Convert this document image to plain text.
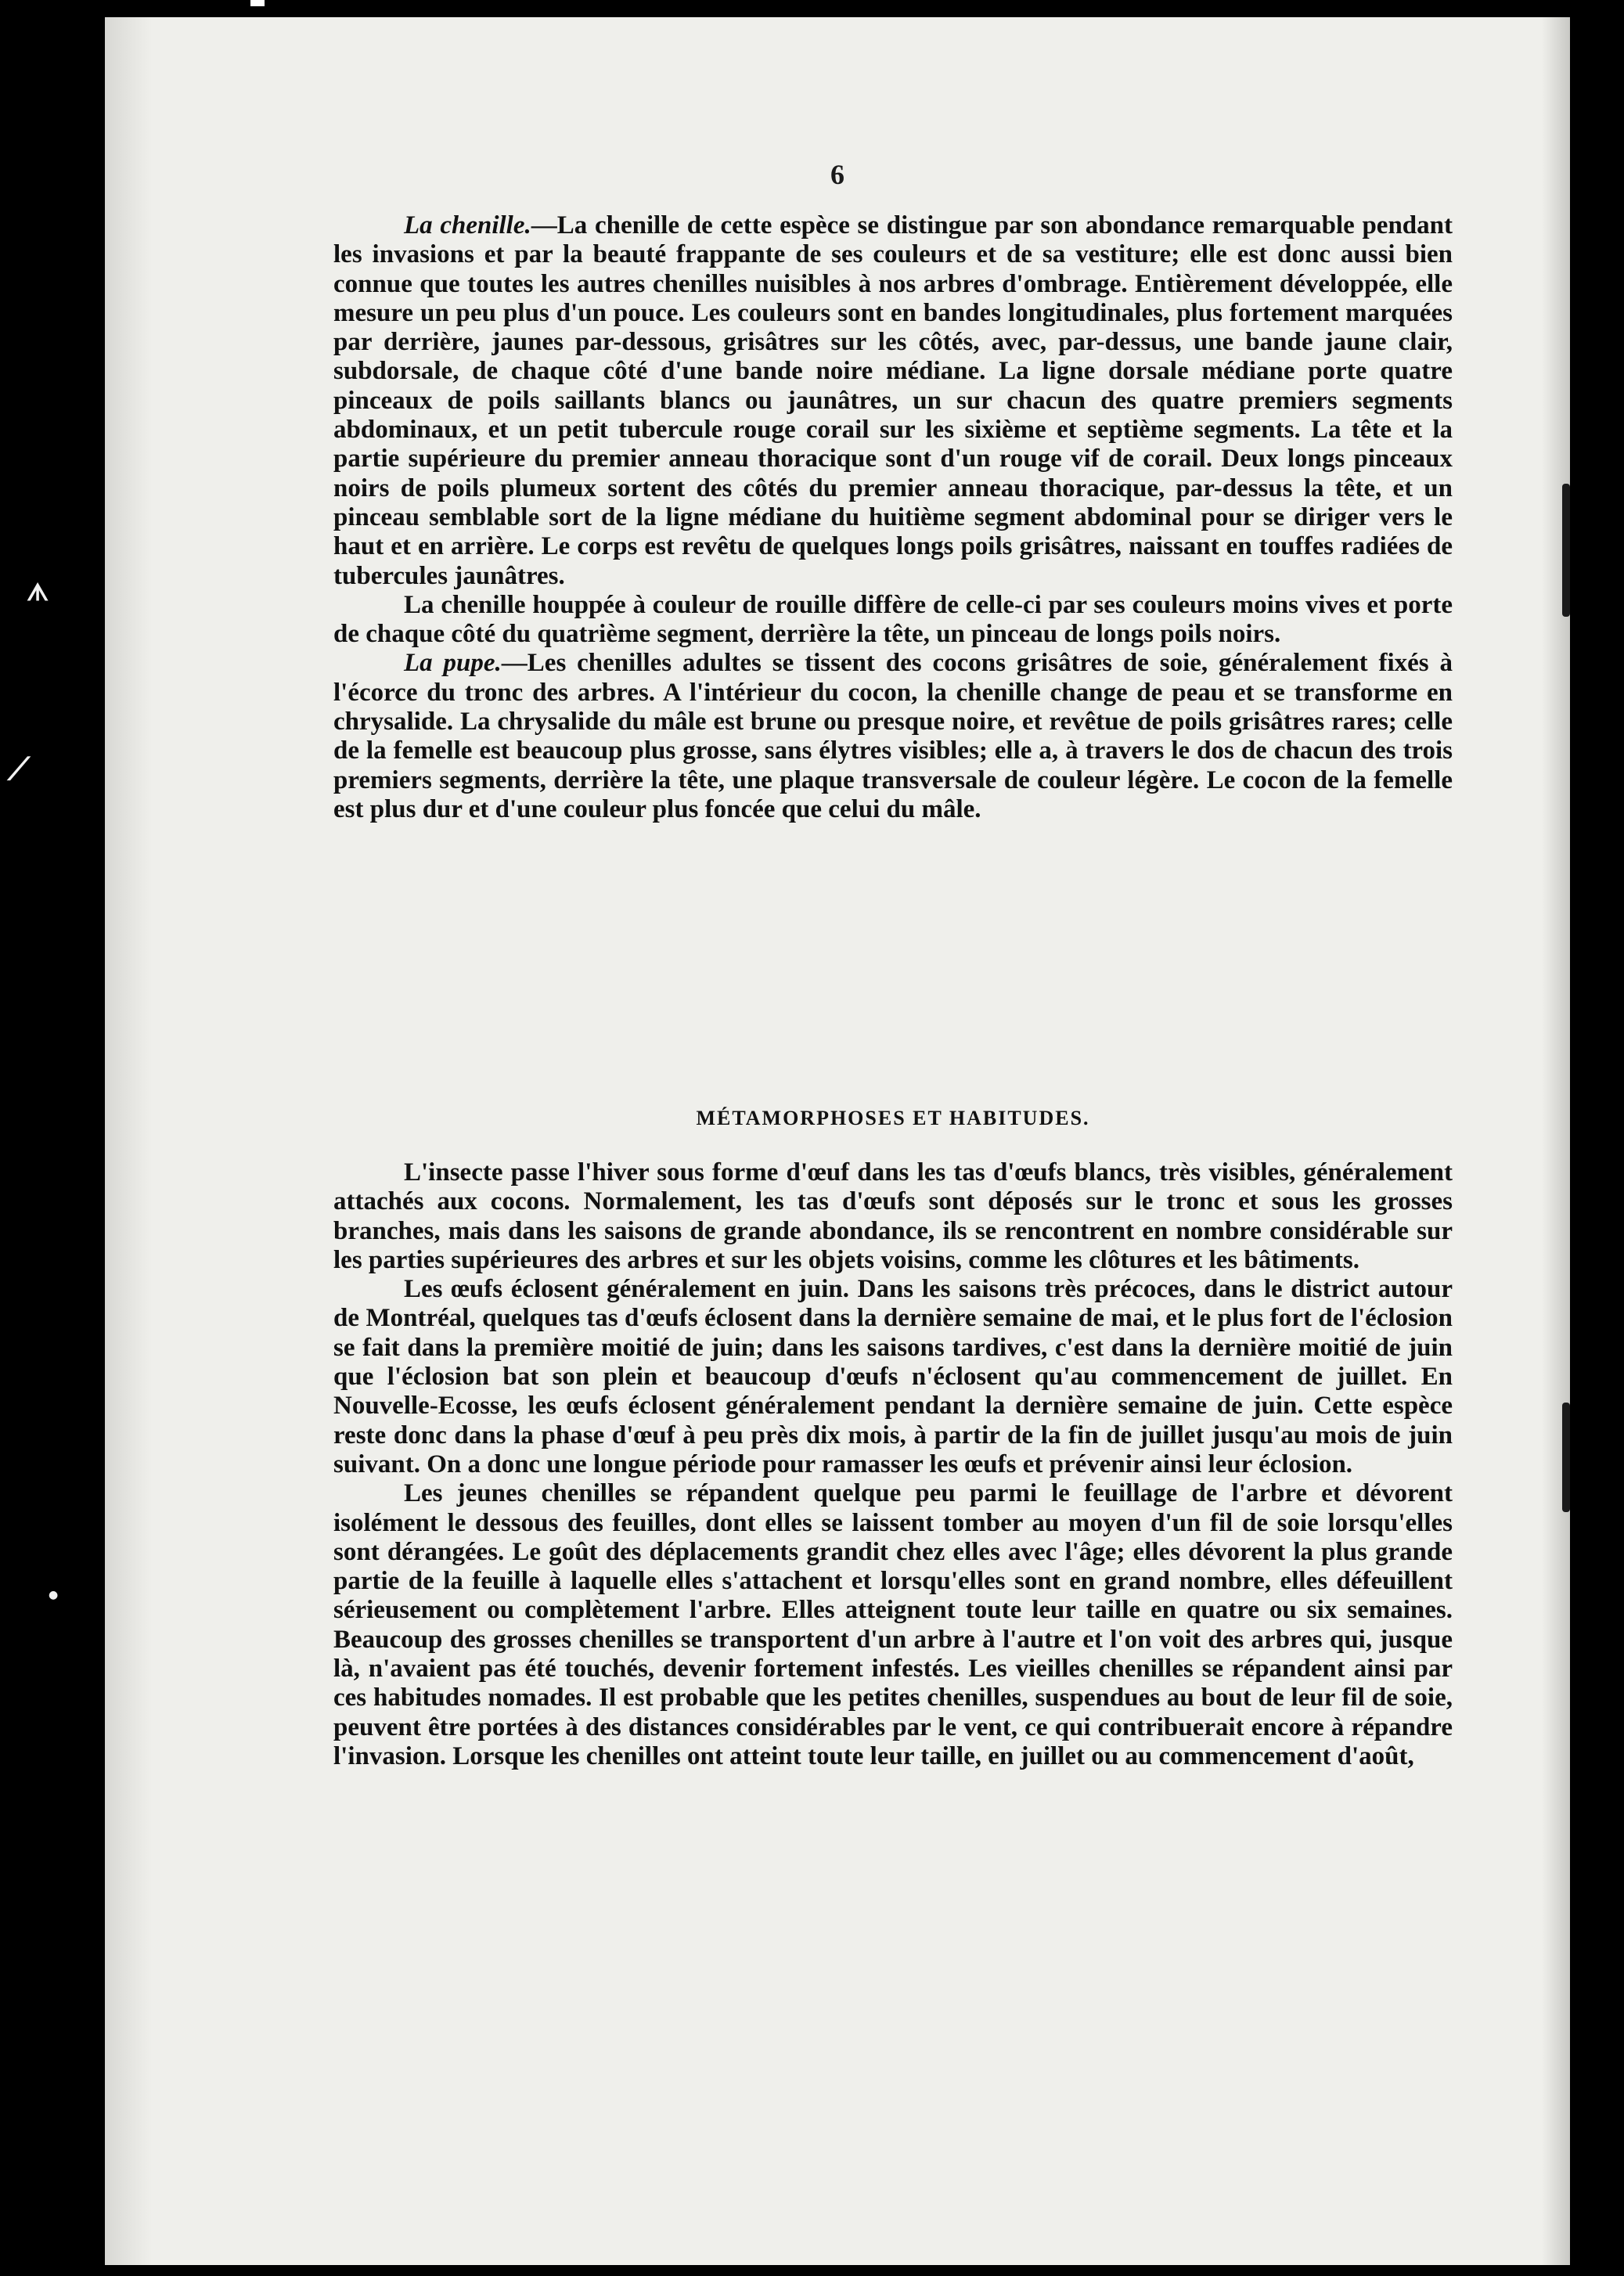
ᗑ
⟋
●
6

La chenille.—La chenille de cette espèce se distingue par son abondance remarquable pendant les invasions et par la beauté frappante de ses couleurs et de sa vestiture; elle est donc aussi bien connue que toutes les autres chenilles nuisibles à nos arbres d'ombrage. Entièrement développée, elle mesure un peu plus d'un pouce. Les couleurs sont en bandes longitudinales, plus fortement marquées par derrière, jaunes par-dessous, grisâtres sur les côtés, avec, par-dessus, une bande jaune clair, subdorsale, de chaque côté d'une bande noire médiane. La ligne dorsale médiane porte quatre pinceaux de poils saillants blancs ou jaunâtres, un sur chacun des quatre premiers segments abdominaux, et un petit tubercule rouge corail sur les sixième et septième segments. La tête et la partie supérieure du premier anneau thoracique sont d'un rouge vif de corail. Deux longs pinceaux noirs de poils plumeux sortent des côtés du premier anneau thoracique, par-dessus la tête, et un pinceau semblable sort de la ligne médiane du huitième segment abdominal pour se diriger vers le haut et en arrière. Le corps est revêtu de quelques longs poils grisâtres, naissant en touffes radiées de tubercules jaunâtres.

La chenille houppée à couleur de rouille diffère de celle-ci par ses couleurs moins vives et porte de chaque côté du quatrième segment, derrière la tête, un pinceau de longs poils noirs.

La pupe.—Les chenilles adultes se tissent des cocons grisâtres de soie, généralement fixés à l'écorce du tronc des arbres. A l'intérieur du cocon, la chenille change de peau et se transforme en chrysalide. La chrysalide du mâle est brune ou presque noire, et revêtue de poils grisâtres rares; celle de la femelle est beaucoup plus grosse, sans élytres visibles; elle a, à travers le dos de chacun des trois premiers segments, derrière la tête, une plaque transversale de couleur légère. Le cocon de la femelle est plus dur et d'une couleur plus foncée que celui du mâle.

MÉTAMORPHOSES ET HABITUDES.

L'insecte passe l'hiver sous forme d'œuf dans les tas d'œufs blancs, très visibles, généralement attachés aux cocons. Normalement, les tas d'œufs sont déposés sur le tronc et sous les grosses branches, mais dans les saisons de grande abondance, ils se rencontrent en nombre considérable sur les parties supérieures des arbres et sur les objets voisins, comme les clôtures et les bâtiments.

Les œufs éclosent généralement en juin. Dans les saisons très précoces, dans le district autour de Montréal, quelques tas d'œufs éclosent dans la dernière semaine de mai, et le plus fort de l'éclosion se fait dans la première moitié de juin; dans les saisons tardives, c'est dans la dernière moitié de juin que l'éclosion bat son plein et beaucoup d'œufs n'éclosent qu'au commencement de juillet. En Nouvelle-Ecosse, les œufs éclosent généralement pendant la dernière semaine de juin. Cette espèce reste donc dans la phase d'œuf à peu près dix mois, à partir de la fin de juillet jusqu'au mois de juin suivant. On a donc une longue période pour ramasser les œufs et prévenir ainsi leur éclosion.

Les jeunes chenilles se répandent quelque peu parmi le feuillage de l'arbre et dévorent isolément le dessous des feuilles, dont elles se laissent tomber au moyen d'un fil de soie lorsqu'elles sont dérangées. Le goût des déplacements grandit chez elles avec l'âge; elles dévorent la plus grande partie de la feuille à laquelle elles s'attachent et lorsqu'elles sont en grand nombre, elles défeuillent sérieusement ou complètement l'arbre. Elles atteignent toute leur taille en quatre ou six semaines. Beaucoup des grosses chenilles se transportent d'un arbre à l'autre et l'on voit des arbres qui, jusque là, n'avaient pas été touchés, devenir fortement infestés. Les vieilles chenilles se répandent ainsi par ces habitudes nomades. Il est probable que les petites chenilles, suspendues au bout de leur fil de soie, peuvent être portées à des distances considérables par le vent, ce qui contribuerait encore à répandre l'invasion. Lorsque les chenilles ont atteint toute leur taille, en juillet ou au commencement d'août,
